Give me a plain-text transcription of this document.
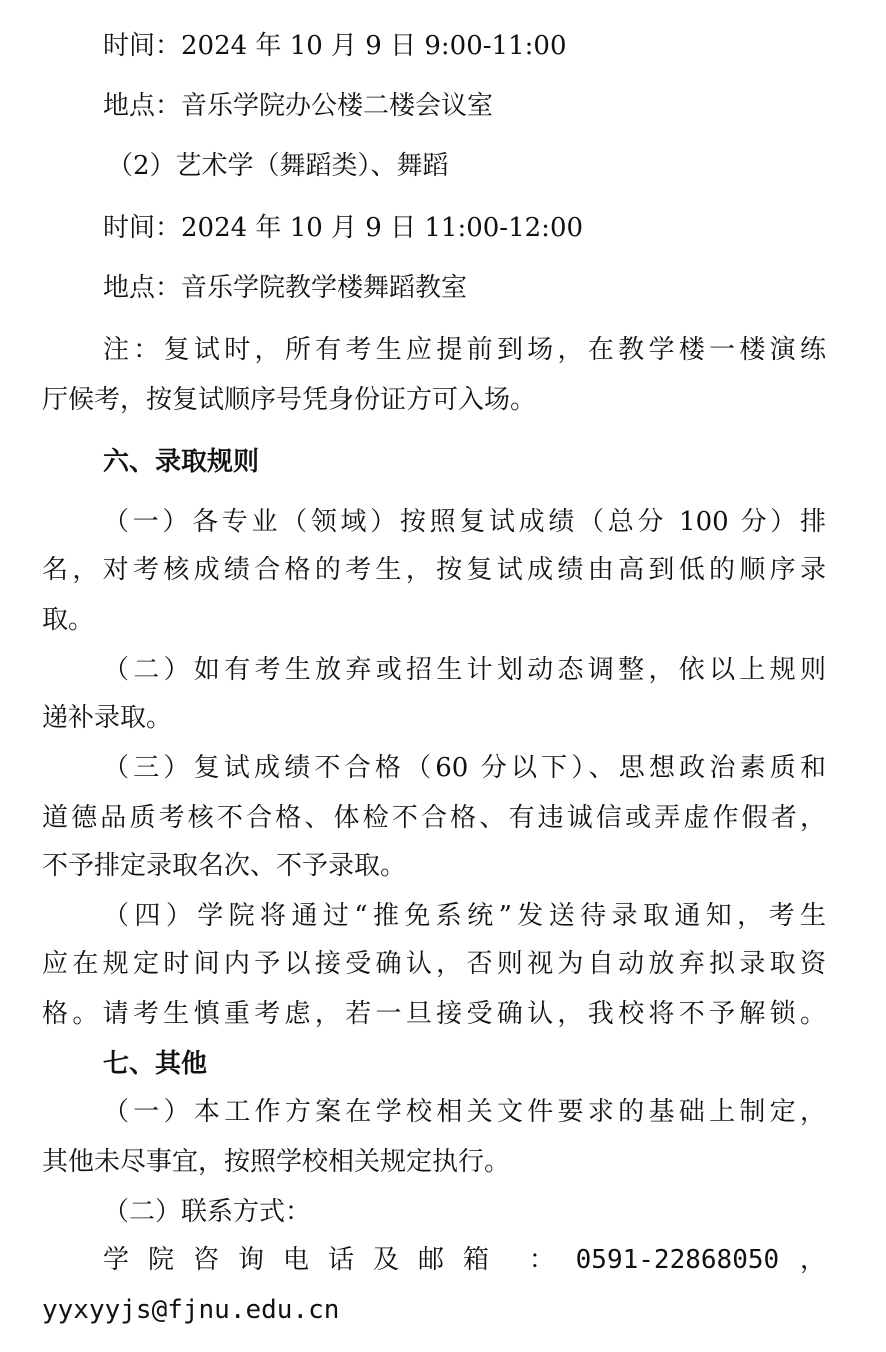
时间：2024 年 10 月 9 日 9:00-11:00
地点：音乐学院办公楼二楼会议室
（2）艺术学（舞蹈类）、舞蹈
时间：2024 年 10 月 9 日 11:00-12:00
地点：音乐学院教学楼舞蹈教室
注：复试时，所有考生应提前到场，在教学楼一楼演练
厅候考，按复试顺序号凭身份证方可入场。
六、录取规则
（一）各专业（领域）按照复试成绩（总分 100 分）排
名，对考核成绩合格的考生，按复试成绩由高到低的顺序录
取。
（二）如有考生放弃或招生计划动态调整，依以上规则
递补录取。
（三）复试成绩不合格（60 分以下）、思想政治素质和
道德品质考核不合格、体检不合格、有违诚信或弄虚作假者，
不予排定录取名次、不予录取。
（四）学院将通过“推免系统”发送待录取通知，考生
应在规定时间内予以接受确认，否则视为自动放弃拟录取资
格。请考生慎重考虑，若一旦接受确认，我校将不予解锁。
七、其他
（一）本工作方案在学校相关文件要求的基础上制定，
其他未尽事宜，按照学校相关规定执行。
（二）联系方式：
学院咨询电话及邮箱 ： 0591-22868050 ，
yyxyyjs@fjnu.edu.cn
